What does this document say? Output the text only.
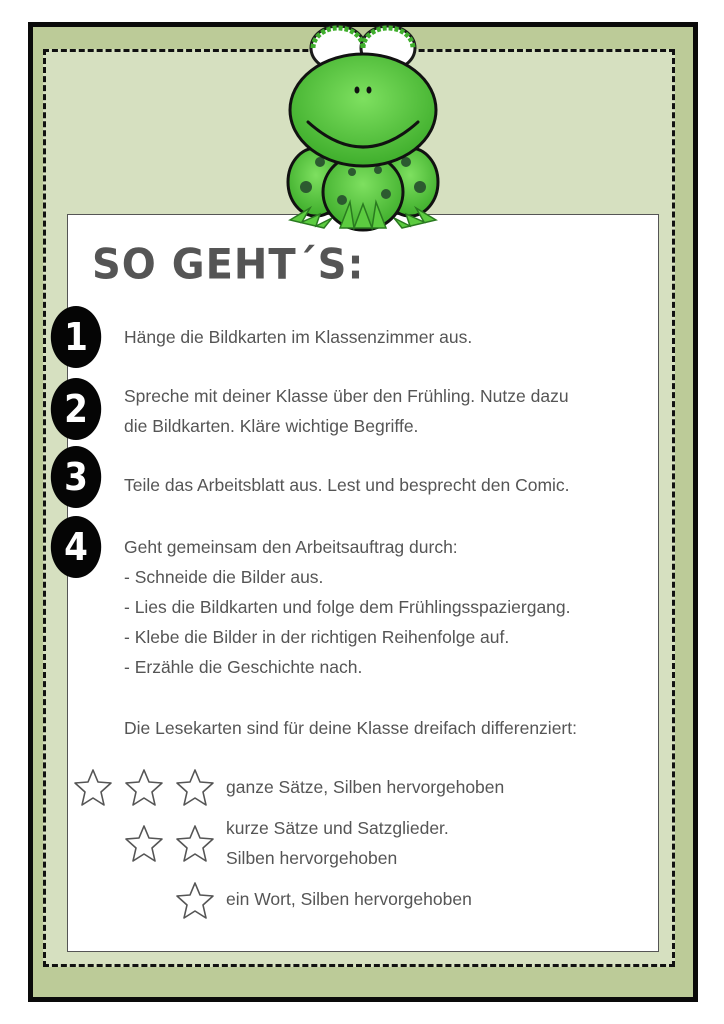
SO GEHT´S:
1	Hänge die Bildkarten im Klassenzimmer aus.
2	Spreche mit deiner Klasse über den Frühling. Nutze dazu
die Bildkarten. Kläre wichtige Begriffe.
3	Teile das Arbeitsblatt aus. Lest und besprecht den Comic.
4	Geht gemeinsam den Arbeitsauftrag durch:
- Schneide die Bilder aus.
- Lies die Bildkarten und folge dem Frühlingsspaziergang.
- Klebe die Bilder in der richtigen Reihenfolge auf.
- Erzähle die Geschichte nach.
Die Lesekarten sind für deine Klasse dreifach differenziert:
ganze Sätze, Silben hervorgehoben
kurze Sätze und Satzglieder.
Silben hervorgehoben
ein Wort, Silben hervorgehoben
